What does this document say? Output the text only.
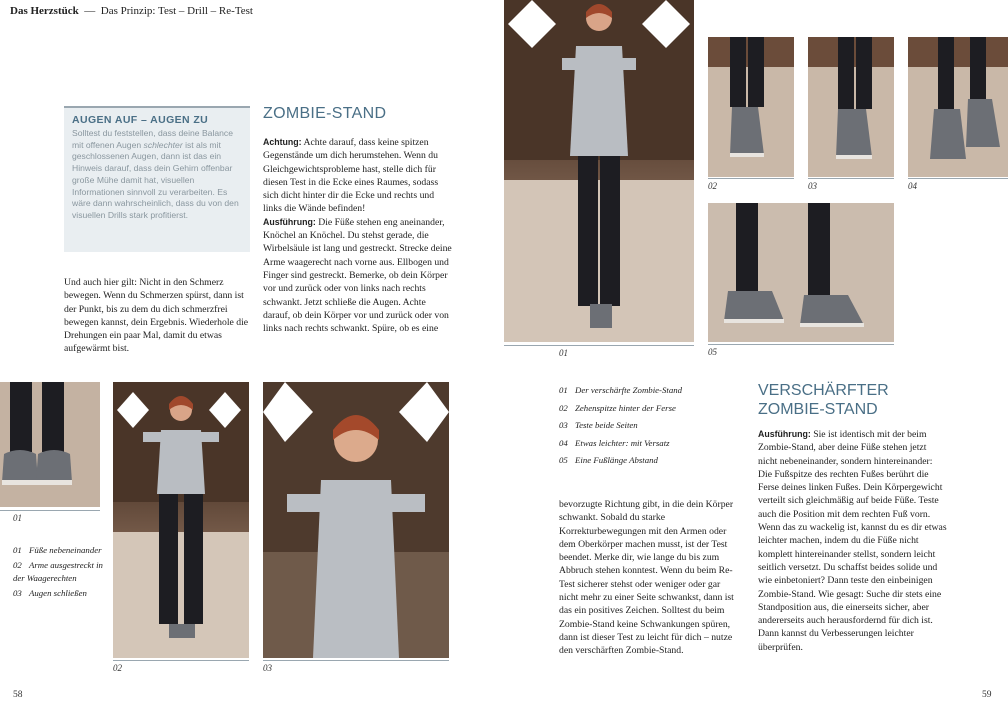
Das Herzstück — Das Prinzip: Test – Drill – Re-Test
AUGEN AUF – AUGEN ZU

Solltest du feststellen, dass deine Balance mit offenen Augen schlechter ist als mit geschlossenen Augen, dann ist das ein Hinweis darauf, dass dein Gehirn offenbar große Mühe damit hat, visuellen Informationen sinnvoll zu verarbeiten. Es wäre dann wahrscheinlich, dass du von den visuellen Drills stark profitierst.

Und auch hier gilt: Nicht in den Schmerz bewegen. Wenn du Schmerzen spürst, dann ist der Punkt, bis zu dem du dich schmerzfrei bewegen kannst, dein Ergebnis. Wiederhole die Drehungen ein paar Mal, damit du etwas aufgewärmt bist.
ZOMBIE-STAND
Achtung: Achte darauf, dass keine spitzen Gegenstände um dich herumstehen. Wenn du Gleichgewichtsprobleme hast, stelle dich für diesen Test in die Ecke eines Raumes, sodass sich dicht hinter dir die Ecke und rechts und links die Wände befinden!
Ausführung: Die Füße stehen eng aneinander, Knöchel an Knöchel. Du stehst gerade, die Wirbelsäule ist lang und gestreckt. Strecke deine Arme waagerecht nach vorne aus. Ellbogen und Finger sind gestreckt. Bemerke, ob dein Körper vor und zurück oder von links nach rechts schwankt. Jetzt schließe die Augen. Achte darauf, ob dein Körper vor und zurück oder von links nach rechts schwankt. Spüre, ob es eine
01
02	03
01 Füße nebeneinander
02 Arme ausgestreckt in der Waagerechten
03 Augen schließen
01
02	03	04
05
01 Der verschärfte Zombie-Stand
02 Zehenspitze hinter der Ferse
03 Teste beide Seiten
04 Etwas leichter: mit Versatz
05 Eine Fußlänge Abstand
bevorzugte Richtung gibt, in die dein Körper schwankt. Sobald du starke Korrekturbewegungen mit den Armen oder dem Oberkörper machen musst, ist der Test beendet. Merke dir, wie lange du bis zum Abbruch stehen konntest. Wenn du beim Re-Test sicherer stehst oder weniger oder gar nicht mehr zu einer Seite schwankst, dann ist das ein positives Zeichen. Solltest du beim Zombie-Stand keine Schwankungen spüren, dann ist dieser Test zu leicht für dich – nutze den verschärften Zombie-Stand.
VERSCHÄRFTER
ZOMBIE-STAND
Ausführung: Sie ist identisch mit der beim Zombie-Stand, aber deine Füße stehen jetzt nicht nebeneinander, sondern hintereinander: Die Fußspitze des rechten Fußes berührt die Ferse deines linken Fußes. Dein Körpergewicht verteilt sich gleichmäßig auf beide Füße. Teste auch die Position mit dem rechten Fuß vorn. Wenn das zu wackelig ist, kannst du es dir etwas leichter machen, indem du die Füße nicht komplett hintereinander stellst, sondern leicht seitlich versetzt. Du schaffst beides solide und wie einbetoniert? Dann teste den einbeinigen Zombie-Stand. Wie gesagt: Suche dir stets eine Standposition aus, die einerseits sicher, aber andererseits auch herausfordernd für dich ist. Dann kannst du Verbesserungen leichter überprüfen.
58	59
